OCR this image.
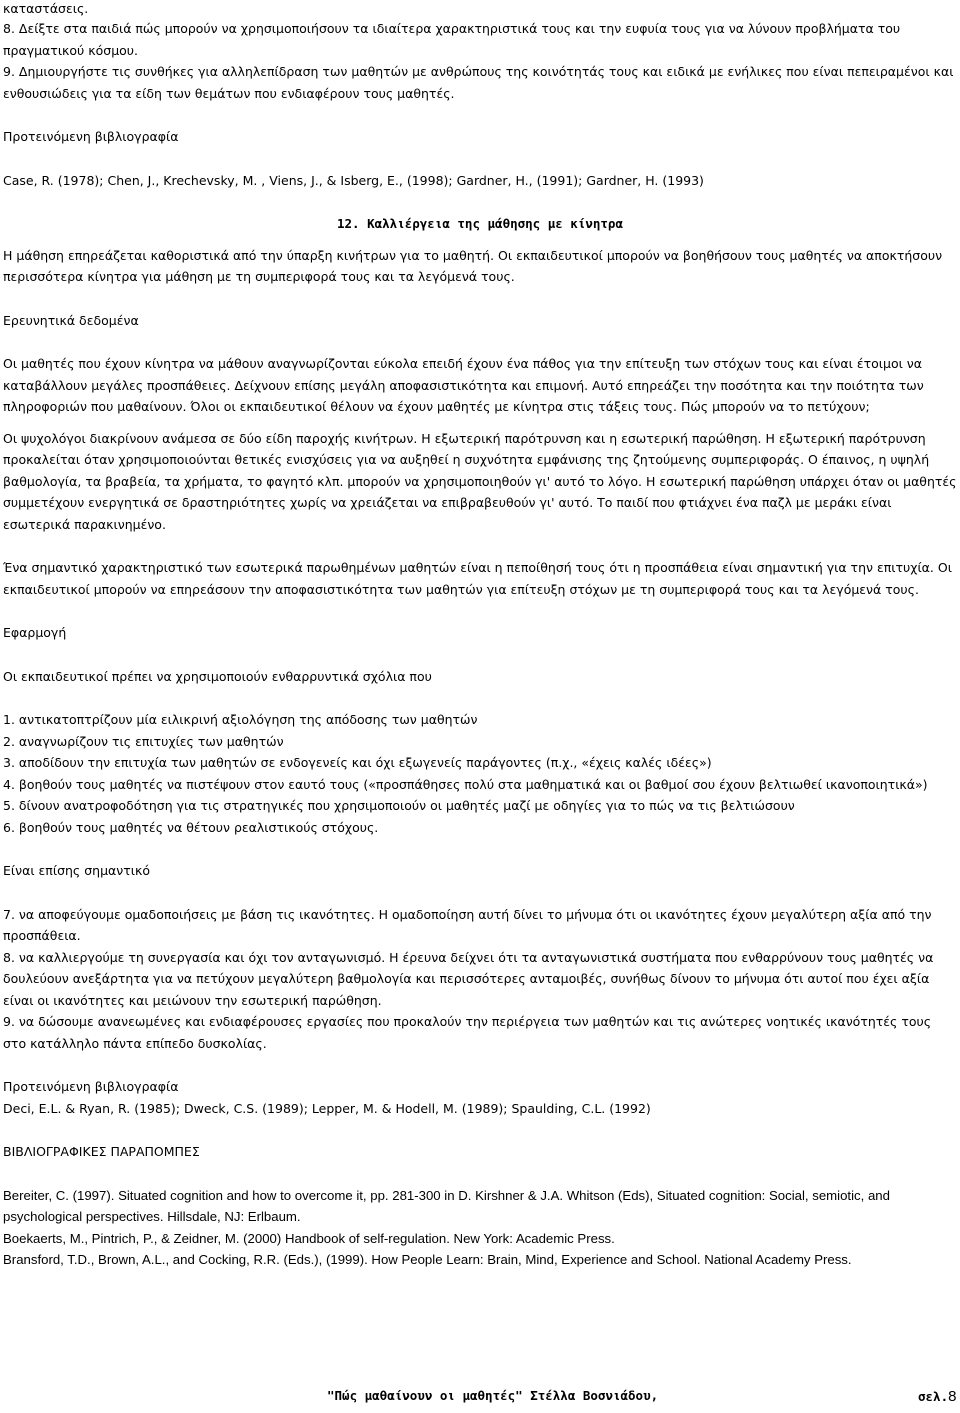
καταστάσεις.

8. Δείξτε στα παιδιά πώς μπορούν να χρησιμοποιήσουν τα ιδιαίτερα χαρακτηριστικά τους και την ευφυία τους για να λύνουν προβλήματα του πραγματικού κόσμου.

9. Δημιουργήστε τις συνθήκες για αλληλεπίδραση των μαθητών με ανθρώπους της κοινότητάς τους και ειδικά με ενήλικες που είναι πεπειραμένοι και ενθουσιώδεις για τα είδη των θεμάτων που ενδιαφέρουν τους μαθητές.

Προτεινόμενη βιβλιογραφία

Case, R. (1978); Chen, J., Krechevsky, M. , Viens, J., & Isberg, E., (1998); Gardner, H., (1991); Gardner, H. (1993)

12. Καλλιέργεια της μάθησης με κίνητρα

Η μάθηση επηρεάζεται καθοριστικά από την ύπαρξη κινήτρων για το μαθητή. Οι εκπαιδευτικοί μπορούν να βοηθήσουν τους μαθητές να αποκτήσουν περισσότερα κίνητρα για μάθηση με τη συμπεριφορά τους και τα λεγόμενά τους.

Ερευνητικά δεδομένα

Οι μαθητές που έχουν κίνητρα να μάθουν αναγνωρίζονται εύκολα επειδή έχουν ένα πάθος για την επίτευξη των στόχων τους και είναι έτοιμοι να καταβάλλουν μεγάλες προσπάθειες. Δείχνουν επίσης μεγάλη αποφασιστικότητα και επιμονή. Αυτό επηρεάζει την ποσότητα και την ποιότητα των πληροφοριών που μαθαίνουν. Όλοι οι εκπαιδευτικοί θέλουν να έχουν μαθητές με κίνητρα στις τάξεις τους. Πώς μπορούν να το πετύχουν;

Οι ψυχολόγοι διακρίνουν ανάμεσα σε δύο είδη παροχής κινήτρων. Η εξωτερική παρότρυνση και η εσωτερική παρώθηση. Η εξωτερική παρότρυνση προκαλείται όταν χρησιμοποιούνται θετικές ενισχύσεις για να αυξηθεί η συχνότητα εμφάνισης της ζητούμενης συμπεριφοράς. Ο έπαινος, η υψηλή βαθμολογία, τα βραβεία, τα χρήματα, το φαγητό κλπ. μπορούν να χρησιμοποιηθούν γι' αυτό το λόγο. Η εσωτερική παρώθηση υπάρχει όταν οι μαθητές συμμετέχουν ενεργητικά σε δραστηριότητες χωρίς να χρειάζεται να επιβραβευθούν γι' αυτό. Το παιδί που φτιάχνει ένα παζλ με μεράκι είναι εσωτερικά παρακινημένο.

Ένα σημαντικό χαρακτηριστικό των εσωτερικά παρωθημένων μαθητών είναι η πεποίθησή τους ότι η προσπάθεια είναι σημαντική για την επιτυχία. Οι εκπαιδευτικοί μπορούν να επηρεάσουν την αποφασιστικότητα των μαθητών για επίτευξη στόχων με τη συμπεριφορά τους και τα λεγόμενά τους.

Εφαρμογή

Οι εκπαιδευτικοί πρέπει να χρησιμοποιούν ενθαρρυντικά σχόλια που

1. αντικατοπτρίζουν μία ειλικρινή αξιολόγηση της απόδοσης των μαθητών

2. αναγνωρίζουν τις επιτυχίες των μαθητών

3. αποδίδουν την επιτυχία των μαθητών σε ενδογενείς και όχι εξωγενείς παράγοντες (π.χ., «έχεις καλές ιδέες»)

4. βοηθούν τους μαθητές να πιστέψουν στον εαυτό τους («προσπάθησες πολύ στα μαθηματικά και οι βαθμοί σου έχουν βελτιωθεί ικανοποιητικά»)

5. δίνουν ανατροφοδότηση για τις στρατηγικές που χρησιμοποιούν οι μαθητές μαζί με οδηγίες για το πώς να τις βελτιώσουν

6. βοηθούν τους μαθητές να θέτουν ρεαλιστικούς στόχους.

Είναι επίσης σημαντικό

7. να αποφεύγουμε ομαδοποιήσεις με βάση τις ικανότητες. Η ομαδοποίηση αυτή δίνει το μήνυμα ότι οι ικανότητες έχουν μεγαλύτερη αξία από την προσπάθεια.

8. να καλλιεργούμε τη συνεργασία και όχι τον ανταγωνισμό. Η έρευνα δείχνει ότι τα ανταγωνιστικά συστήματα που ενθαρρύνουν τους μαθητές να δουλεύουν ανεξάρτητα για να πετύχουν μεγαλύτερη βαθμολογία και περισσότερες ανταμοιβές, συνήθως δίνουν το μήνυμα ότι αυτοί που έχει αξία είναι οι ικανότητες και μειώνουν την εσωτερική παρώθηση.

9. να δώσουμε ανανεωμένες και ενδιαφέρουσες εργασίες που προκαλούν την περιέργεια των μαθητών και τις ανώτερες νοητικές ικανότητές τους στο κατάλληλο πάντα επίπεδο δυσκολίας.

Προτεινόμενη βιβλιογραφία

Deci, E.L. & Ryan, R. (1985); Dweck, C.S. (1989); Lepper, M. & Hodell, M. (1989); Spaulding, C.L. (1992)

ΒΙΒΛΙΟΓΡΑΦΙΚΕΣ ΠΑΡΑΠΟΜΠΕΣ

Bereiter, C. (1997). Situated cognition and how to overcome it, pp. 281-300 in D. Kirshner & J.A. Whitson (Eds), Situated cognition: Social, semiotic, and psychological perspectives. Hillsdale, NJ: Erlbaum.

Boekaerts, M., Pintrich, P., & Zeidner, M. (2000) Handbook of self-regulation. New York: Academic Press.

Bransford, T.D., Brown, A.L., and Cocking, R.R. (Eds.), (1999). How People Learn: Brain, Mind, Experience and School. National Academy Press.

"Πώς μαθαίνουν οι μαθητές" Στέλλα Βοσνιάδου,	σελ.8
